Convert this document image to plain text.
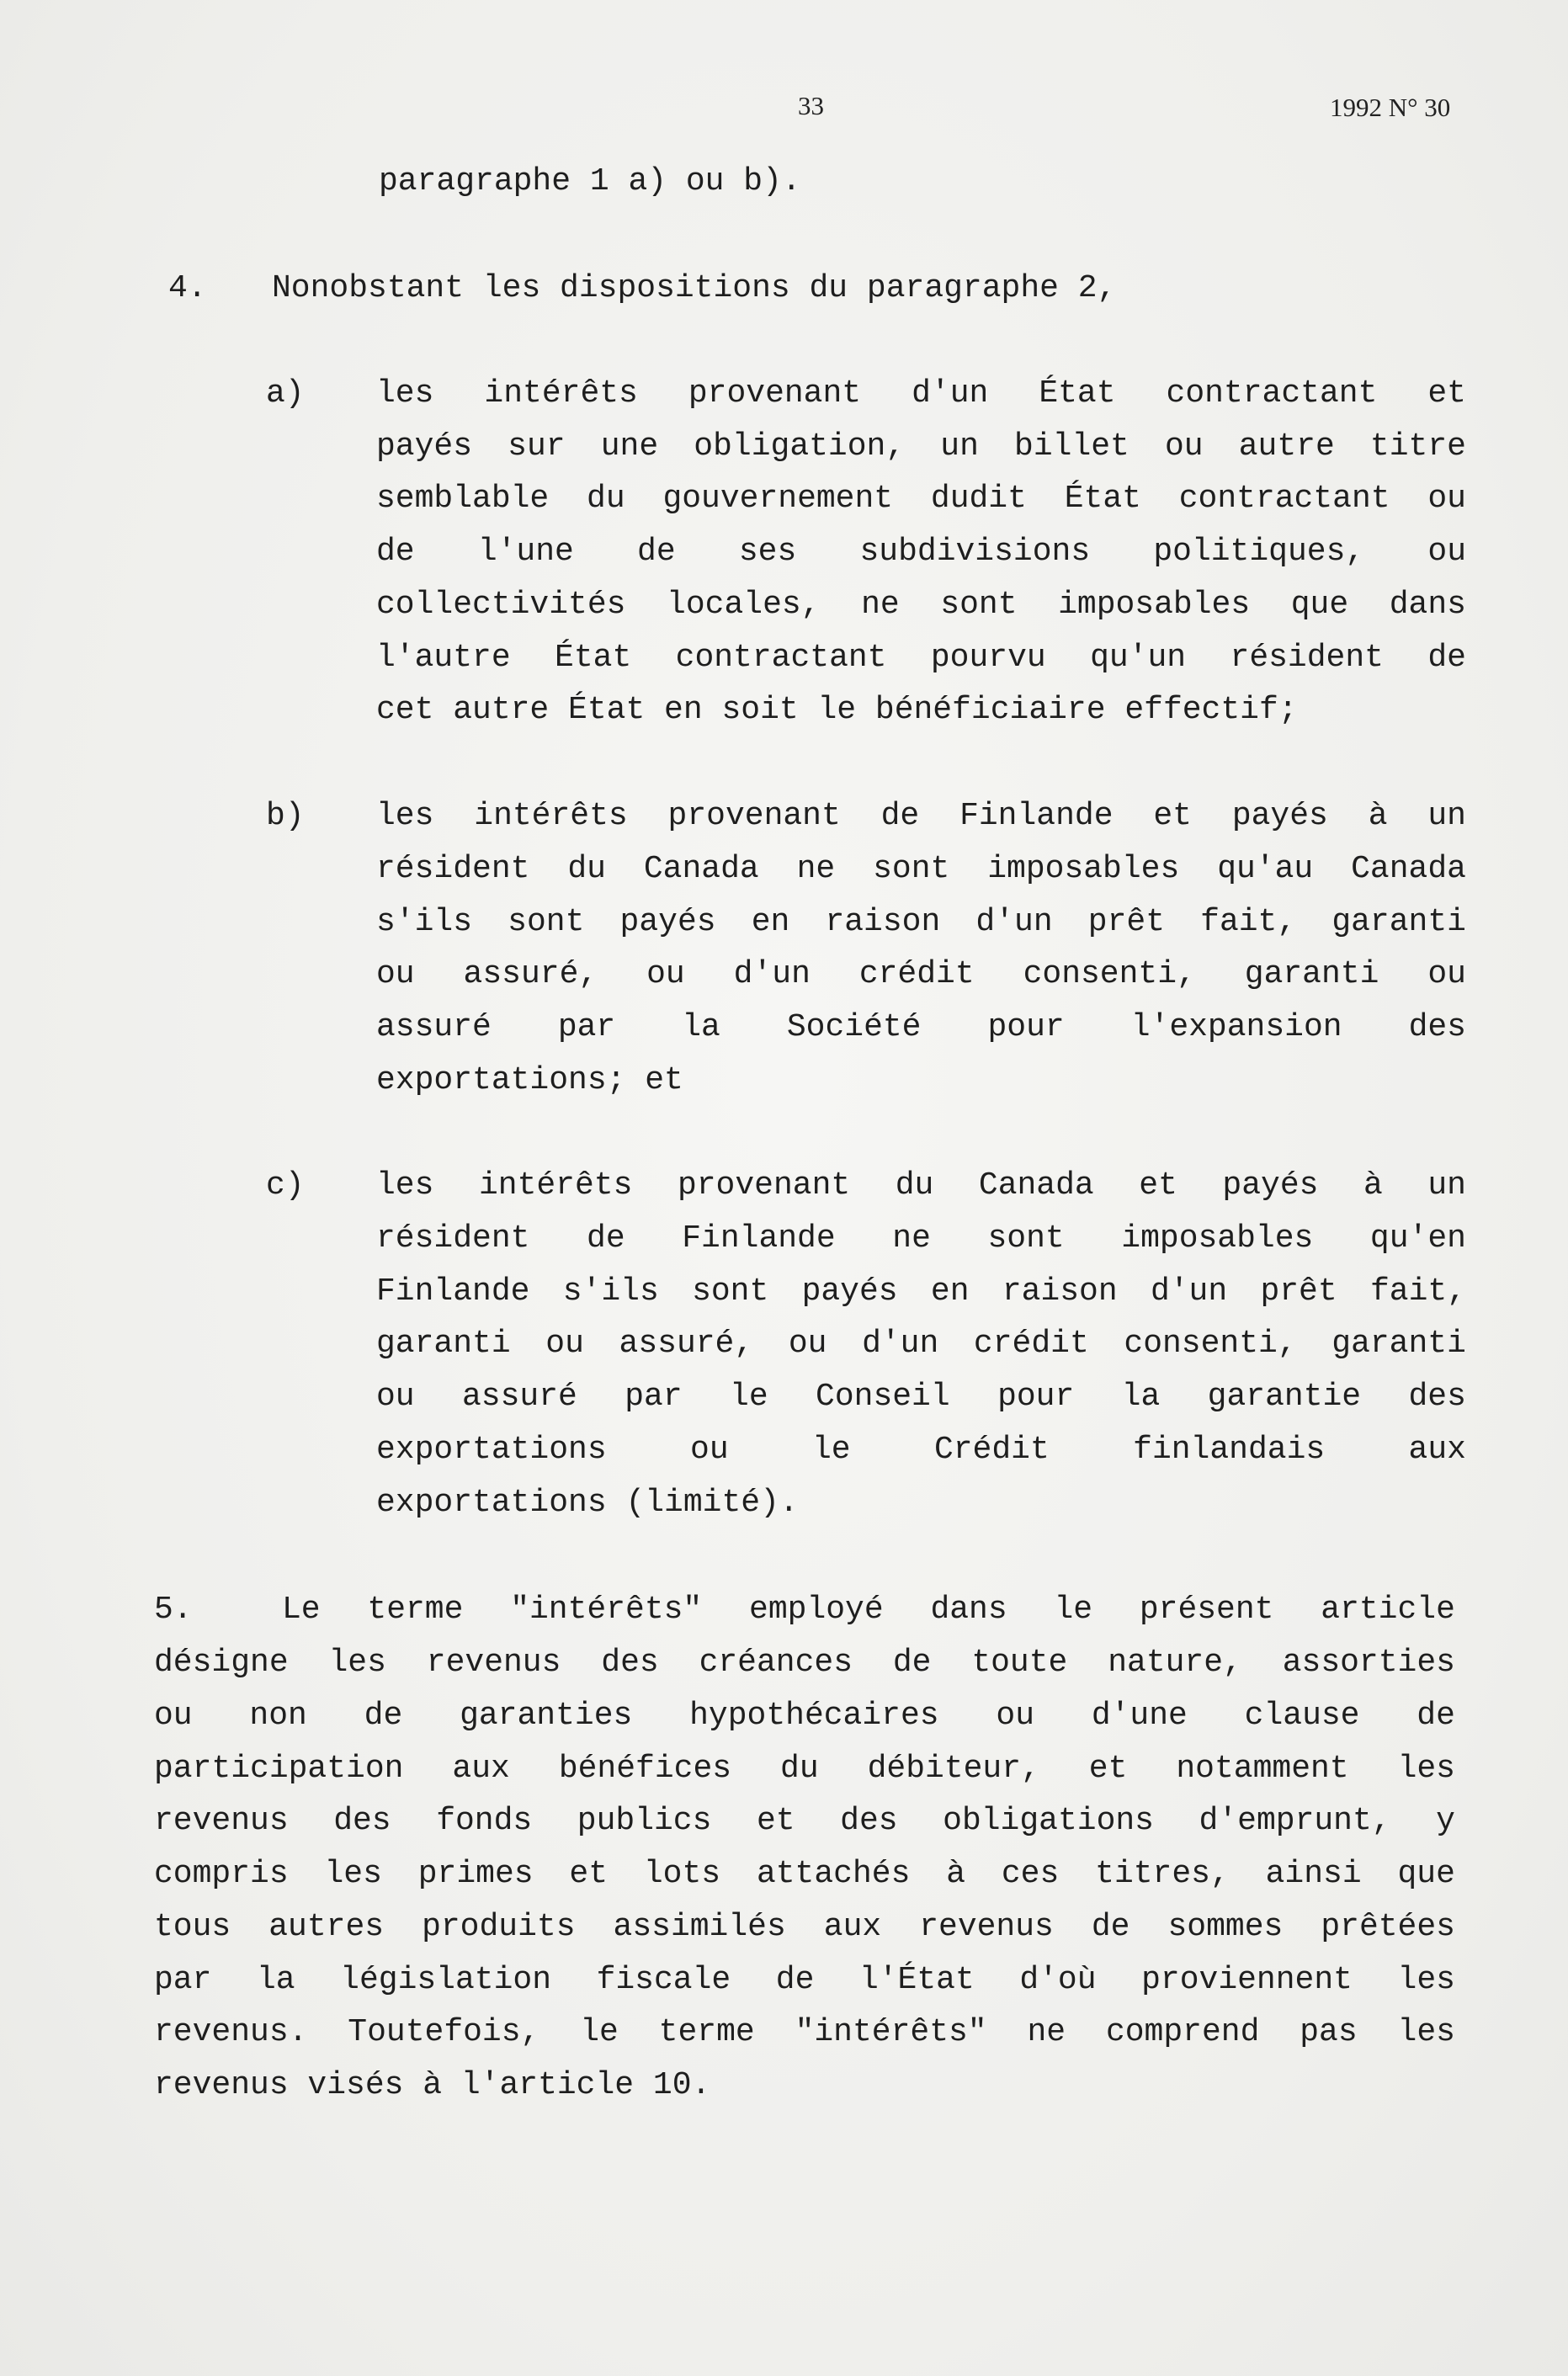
33	1992 N° 30
paragraphe 1 a) ou b).
4. Nonobstant les dispositions du paragraphe 2,
a) les intérêts provenant d'un État contractant et
payés sur une obligation, un billet ou autre titre
semblable du gouvernement dudit État contractant ou
de l'une de ses subdivisions politiques, ou
collectivités locales, ne sont imposables que dans
l'autre État contractant pourvu qu'un résident de
cet autre État en soit le bénéficiaire effectif;
b) les intérêts provenant de Finlande et payés à un
résident du Canada ne sont imposables qu'au Canada
s'ils sont payés en raison d'un prêt fait, garanti
ou assuré, ou d'un crédit consenti, garanti ou
assuré par la Société pour l'expansion des
exportations; et
c) les intérêts provenant du Canada et payés à un
résident de Finlande ne sont imposables qu'en
Finlande s'ils sont payés en raison d'un prêt fait,
garanti ou assuré, ou d'un crédit consenti, garanti
ou assuré par le Conseil pour la garantie des
exportations	ou	le	Crédit	finlandais	aux
exportations (limité).
5.	Le terme "intérêts" employé dans le présent article
désigne les revenus des créances de toute nature, assorties
ou non de garanties hypothécaires ou d'une clause de
participation aux bénéfices du débiteur, et notamment les
revenus des fonds publics et des obligations d'emprunt, y
compris les primes et lots attachés à ces titres, ainsi que
tous autres produits assimilés aux revenus de sommes prêtées
par la législation fiscale de l'État d'où proviennent les
revenus. Toutefois, le terme "intérêts" ne comprend pas les
revenus visés à l'article 10.
